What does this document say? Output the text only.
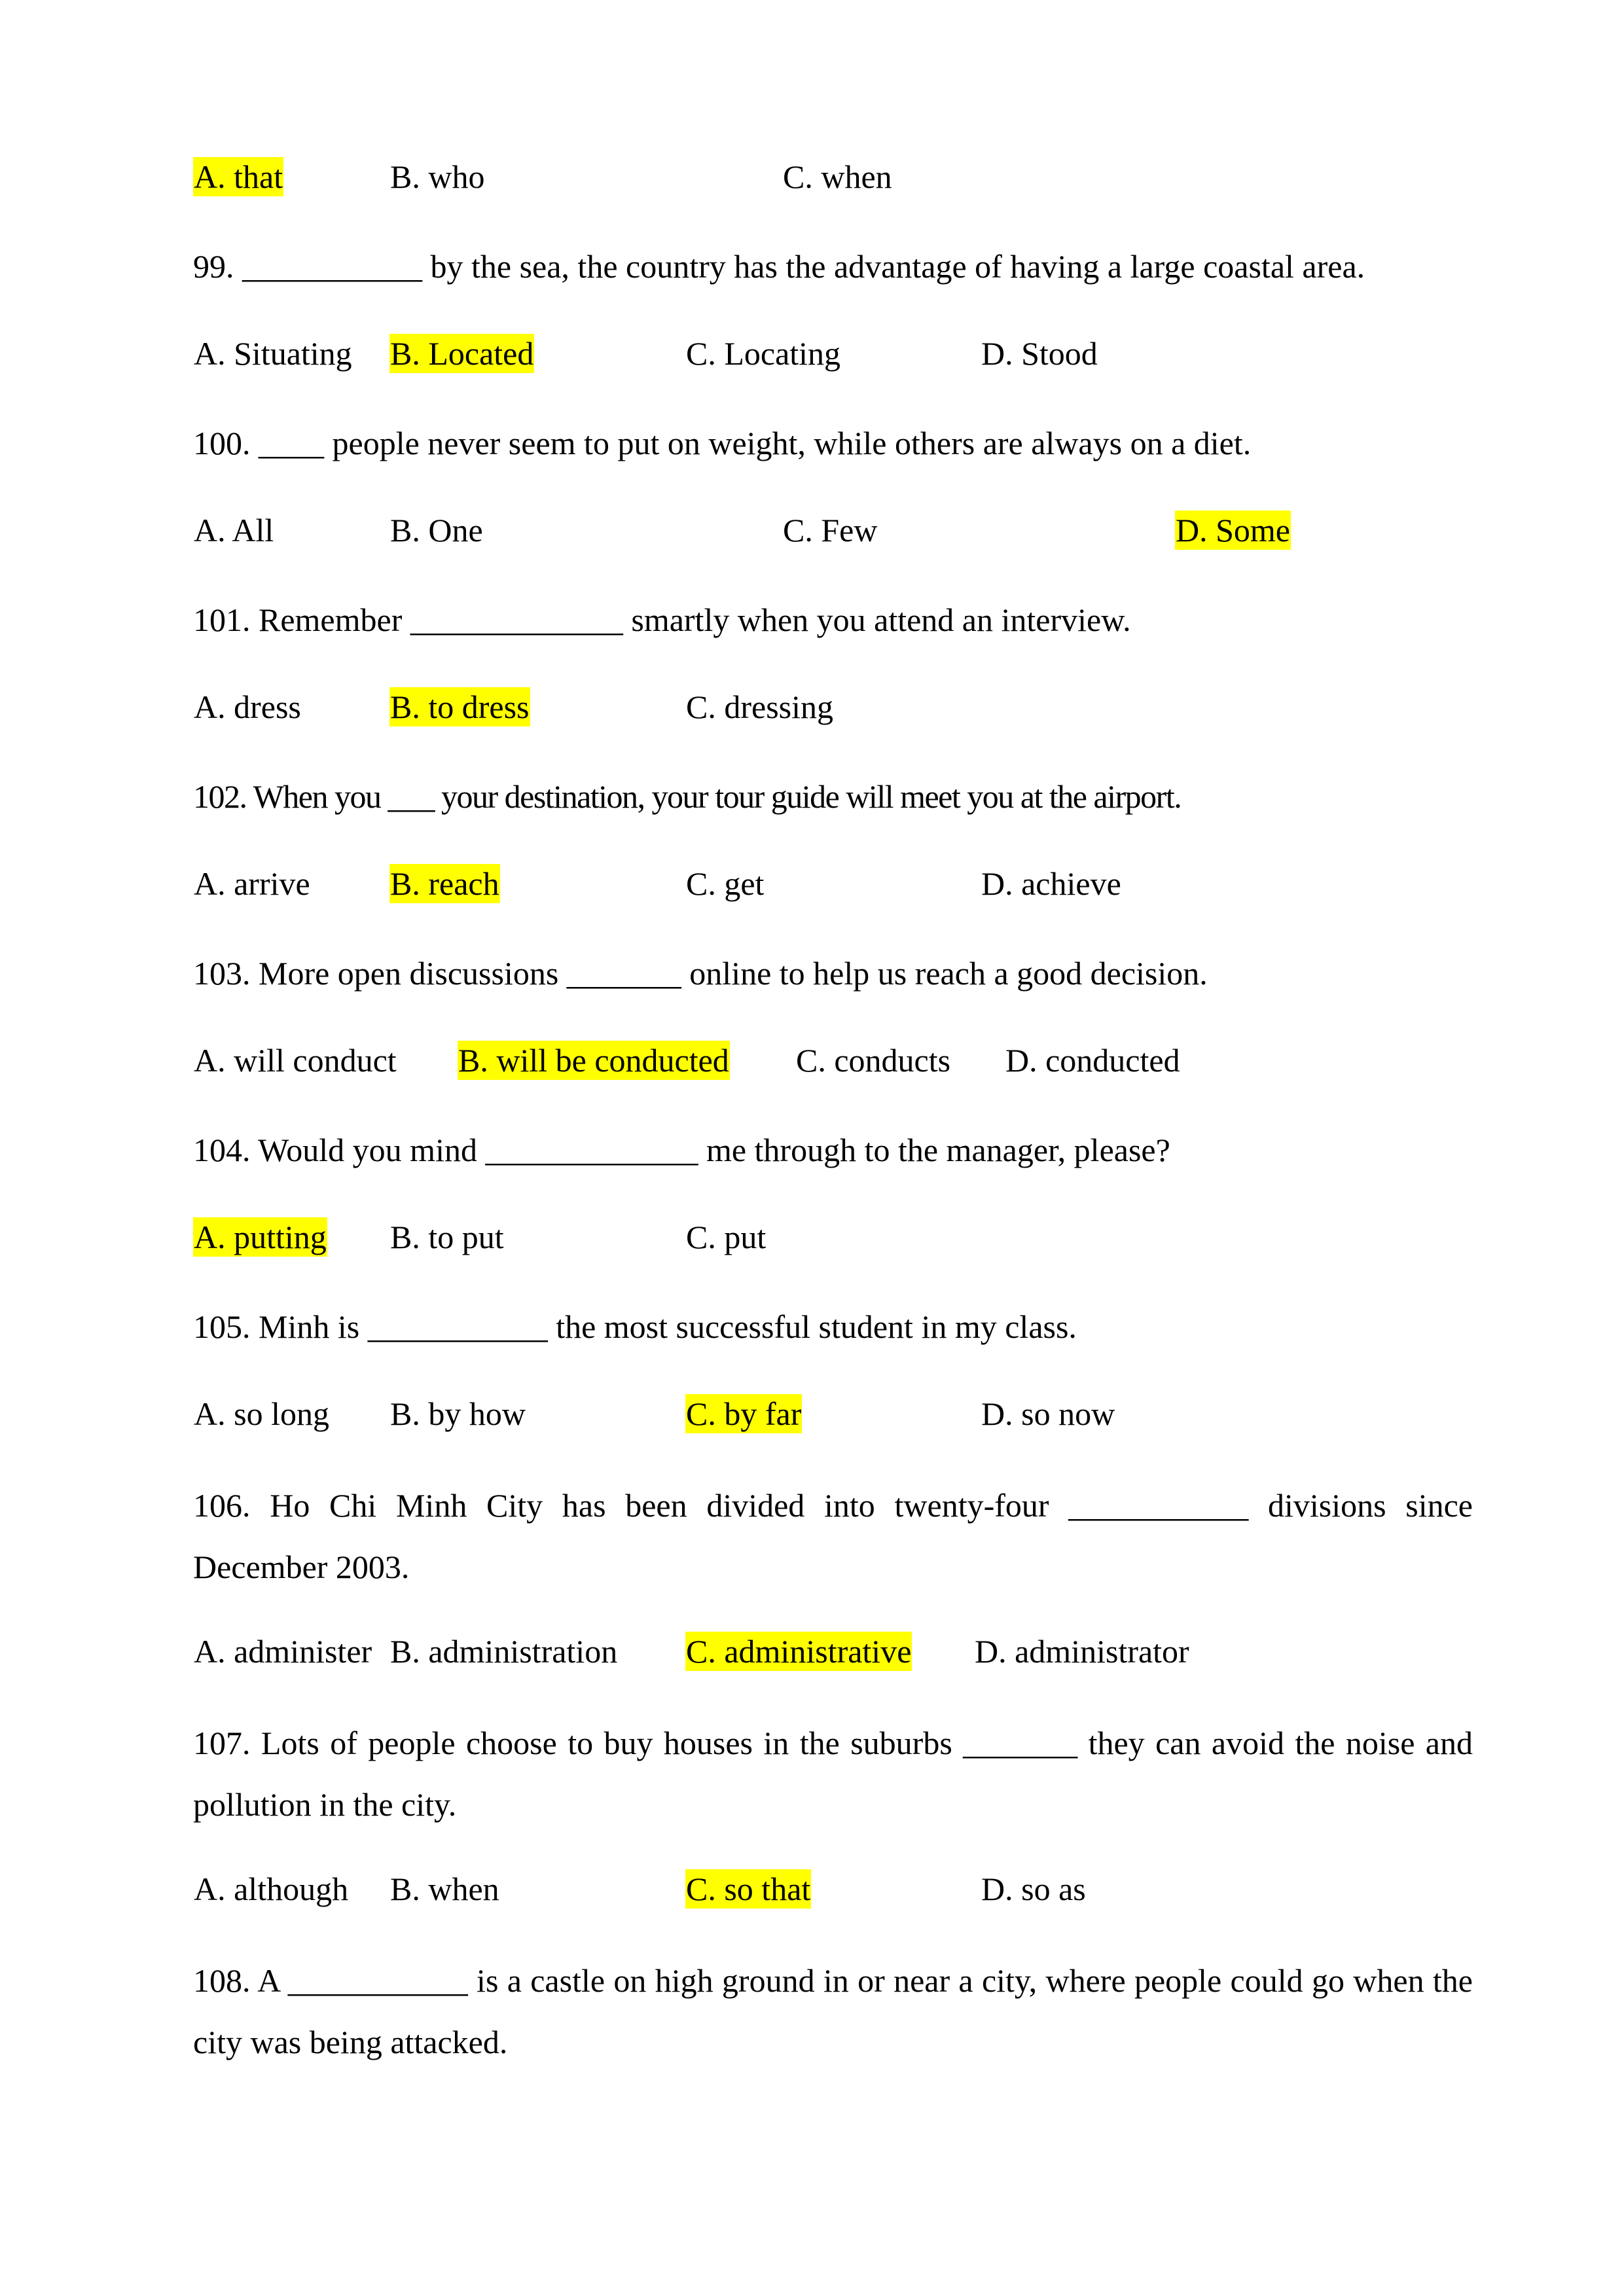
A. that	B. who	C. when
99. ___________ by the sea, the country has the advantage of having a large coastal area.
A. Situating B. Located	C. Locating	D. Stood
100. ____ people never seem to put on weight, while others are always on a diet.
A. All	B. One	C. Few	D. Some
101. Remember _____________ smartly when you attend an interview.
A. dress	B. to dress	C. dressing
102. When you ___ your destination, your tour guide will meet you at the airport.
A. arrive B. reach	C. get	D. achieve
103. More open discussions _______ online to help us reach a good decision.
A. will conduct B. will be conducted C. conducts D. conducted
104. Would you mind _____________ me through to the manager, please?
A. putting B. to put	C. put
105. Minh is ___________ the most successful student in my class.
A. so long B. by how	C. by far	D. so now
106. Ho Chi Minh City has been divided into twenty-four ___________ divisions since December 2003.
A. administer B. administration C. administrative D. administrator
107. Lots of people choose to buy houses in the suburbs _______ they can avoid the noise and pollution in the city.
A. although B. when	C. so that	D. so as
108. A ___________ is a castle on high ground in or near a city, where people could go when the city was being attacked.
